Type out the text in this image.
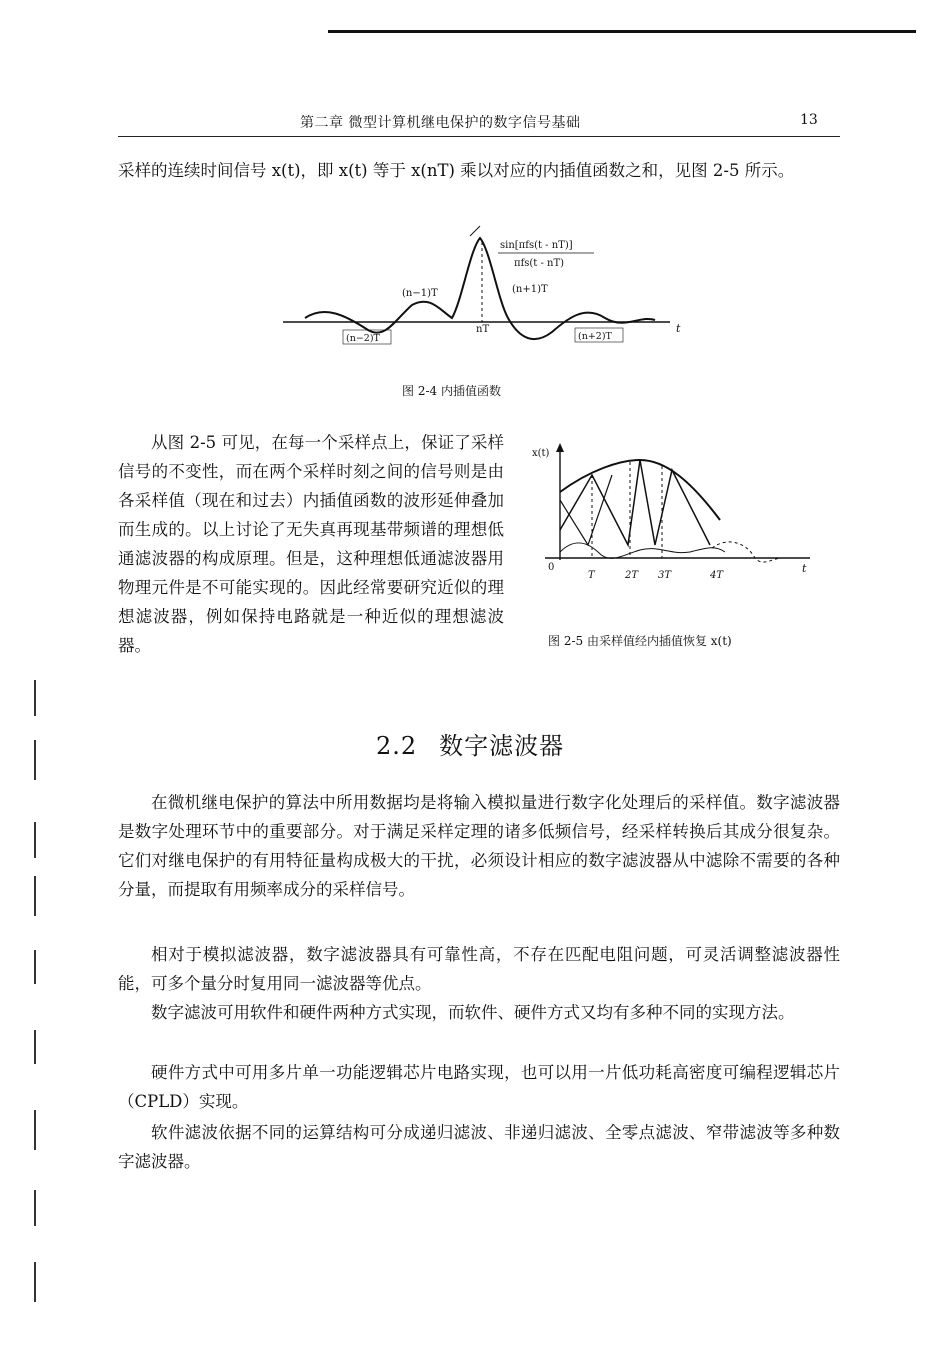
第二章 微型计算机继电保护的数字信号基础	13

采样的连续时间信号 x(t)，即 x(t) 等于 x(nT) 乘以对应的内插值函数之和，见图 2-5 所示。

sin[πfs(t - nT)]
πfs(t - nT)
(n−1)T	(n+1)T
nT
(n−2)T	(n+2)T
t
图 2-4 内插值函数

从图 2-5 可见，在每一个采样点上，保证了采样信号的不变性，而在两个采样时刻之间的信号则是由各采样值（现在和过去）内插值函数的波形延伸叠加而生成的。以上讨论了无失真再现基带频谱的理想低通滤波器的构成原理。但是，这种理想低通滤波器用物理元件是不可能实现的。因此经常要研究近似的理想滤波器，例如保持电路就是一种近似的理想滤波器。

x(t)
0
T	2T 3T	4T
t
图 2-5 由采样值经内插值恢复 x(t)
2.2 数字滤波器

在微机继电保护的算法中所用数据均是将输入模拟量进行数字化处理后的采样值。数字滤波器是数字处理环节中的重要部分。对于满足采样定理的诸多低频信号，经采样转换后其成分很复杂。它们对继电保护的有用特征量构成极大的干扰，必须设计相应的数字滤波器从中滤除不需要的各种分量，而提取有用频率成分的采样信号。

相对于模拟滤波器，数字滤波器具有可靠性高，不存在匹配电阻问题，可灵活调整滤波器性能，可多个量分时复用同一滤波器等优点。

数字滤波可用软件和硬件两种方式实现，而软件、硬件方式又均有多种不同的实现方法。

硬件方式中可用多片单一功能逻辑芯片电路实现，也可以用一片低功耗高密度可编程逻辑芯片（CPLD）实现。

软件滤波依据不同的运算结构可分成递归滤波、非递归滤波、全零点滤波、窄带滤波等多种数字滤波器。
